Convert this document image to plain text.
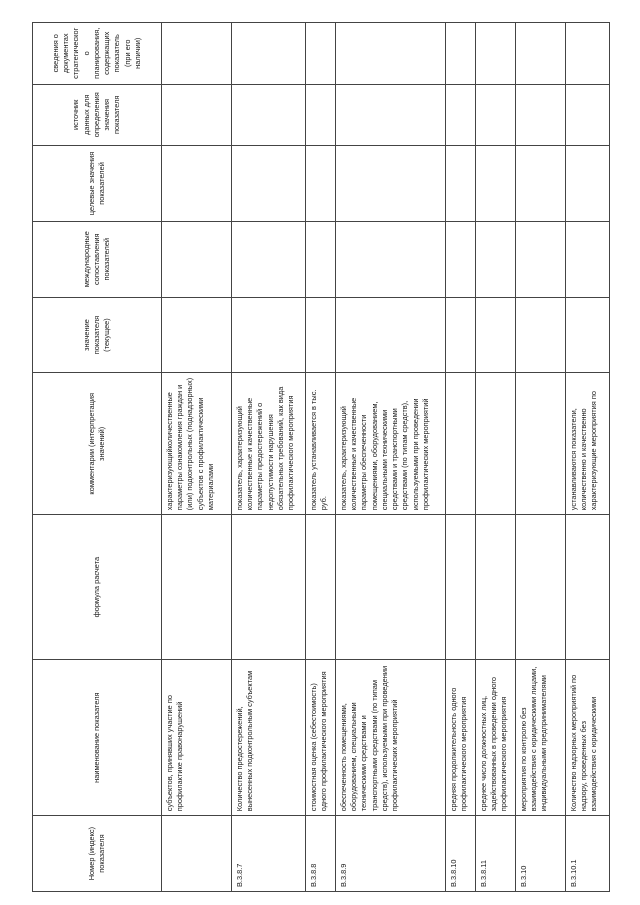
Номер (индекс) показателя	наименование показателя	формула расчета	комментарии (интерпретация значений)	значение показателя (текущее)	международные сопоставления показателей	целевые значения показателей	источник данных для определения значения показателя	сведения о документах стратегического планирования, содержащих показатель (при его наличии)
	субъектов, принявших участие по профилактике правонарушений		характеризующийколичественные параметры ознакомления граждан и (или) подконтрольных (поднадзорных) субъектов с профилактическими материалами					
В.3.8.7	Количество предостережений, вынесенных подконтрольным субъектам		показатель, характеризующий количественные и качественные параметры предостережений о недопустимости нарушения обязательных требований, как вида профилактического мероприятия					
В.3.8.8	стоимостная оценка (себестоимость) одного профилактического мероприятия		показатель устанавливается в тыс. руб.					
В.3.8.9	обеспеченность помещениями, оборудованием, специальными техническими средствами и транспортными средствами (по типам средств), используемыми при проведении профилактических мероприятий		показатель, характеризующий количественные и качественные параметры обеспеченности помещениями, оборудованием, специальными техническими средствами и транспортными средствами (по типам средств), используемыми при проведении профилактических мероприятий					
В.3.8.10	средняя продолжительность одного профилактического мероприятия							
В.3.8.11	среднее число должностных лиц, задействованных в проведении одного профилактического мероприятия							
В.3.10	мероприятия по контролю без взаимодействия с юридическими лицами, индивидуальными предпринимателями							
В.3.10.1	Количество надзорных мероприятий по надзору, проведенных без взаимодействия с юридическими		устанавливаются показатели, количественно и качественно характеризующие мероприятия по					
